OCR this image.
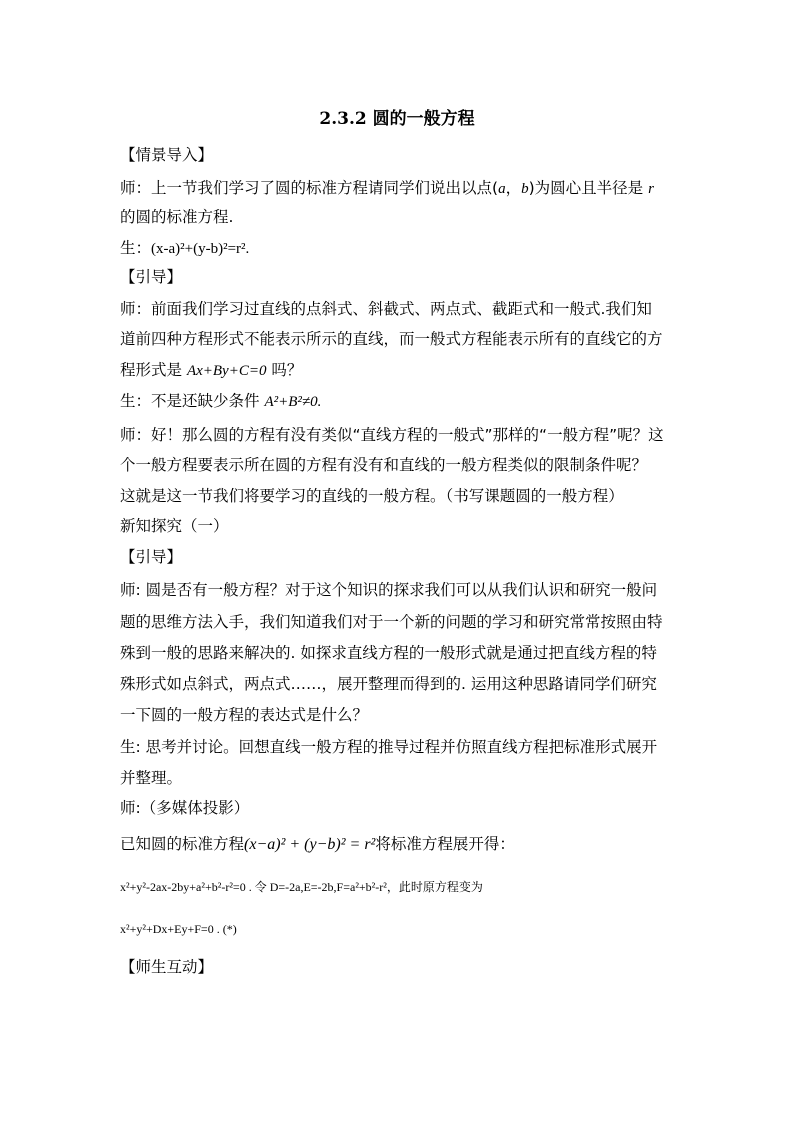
2.3.2 圆的一般方程
【情景导入】
师：上一节我们学习了圆的标准方程请同学们说出以点(a，b)为圆心且半径是 r
的圆的标准方程.
生：(x-a)²+(y-b)²=r².
【引导】
师：前面我们学习过直线的点斜式、斜截式、两点式、截距式和一般式.我们知
道前四种方程形式不能表示所示的直线，而一般式方程能表示所有的直线它的方
程形式是 Ax+By+C=0 吗？
生：不是还缺少条件 A²+B²≠0.
师：好！那么圆的方程有没有类似“直线方程的一般式”那样的“一般方程”呢？这
个一般方程要表示所在圆的方程有没有和直线的一般方程类似的限制条件呢？
这就是这一节我们将要学习的直线的一般方程。（书写课题圆的一般方程）
新知探究（一）
【引导】
师: 圆是否有一般方程？对于这个知识的探求我们可以从我们认识和研究一般问
题的思维方法入手，我们知道我们对于一个新的问题的学习和研究常常按照由特
殊到一般的思路来解决的. 如探求直线方程的一般形式就是通过把直线方程的特
殊形式如点斜式，两点式……，展开整理而得到的. 运用这种思路请同学们研究
一下圆的一般方程的表达式是什么？
生: 思考并讨论。回想直线一般方程的推导过程并仿照直线方程把标准形式展开
并整理。
师:（多媒体投影）
已知圆的标准方程(x−a)² + (y−b)² = r²将标准方程展开得：
x²+y²-2ax-2by+a²+b²-r²=0 . 令 D=-2a,E=-2b,F=a²+b²-r²，此时原方程变为
x²+y²+Dx+Ey+F=0 . (*)
【师生互动】
